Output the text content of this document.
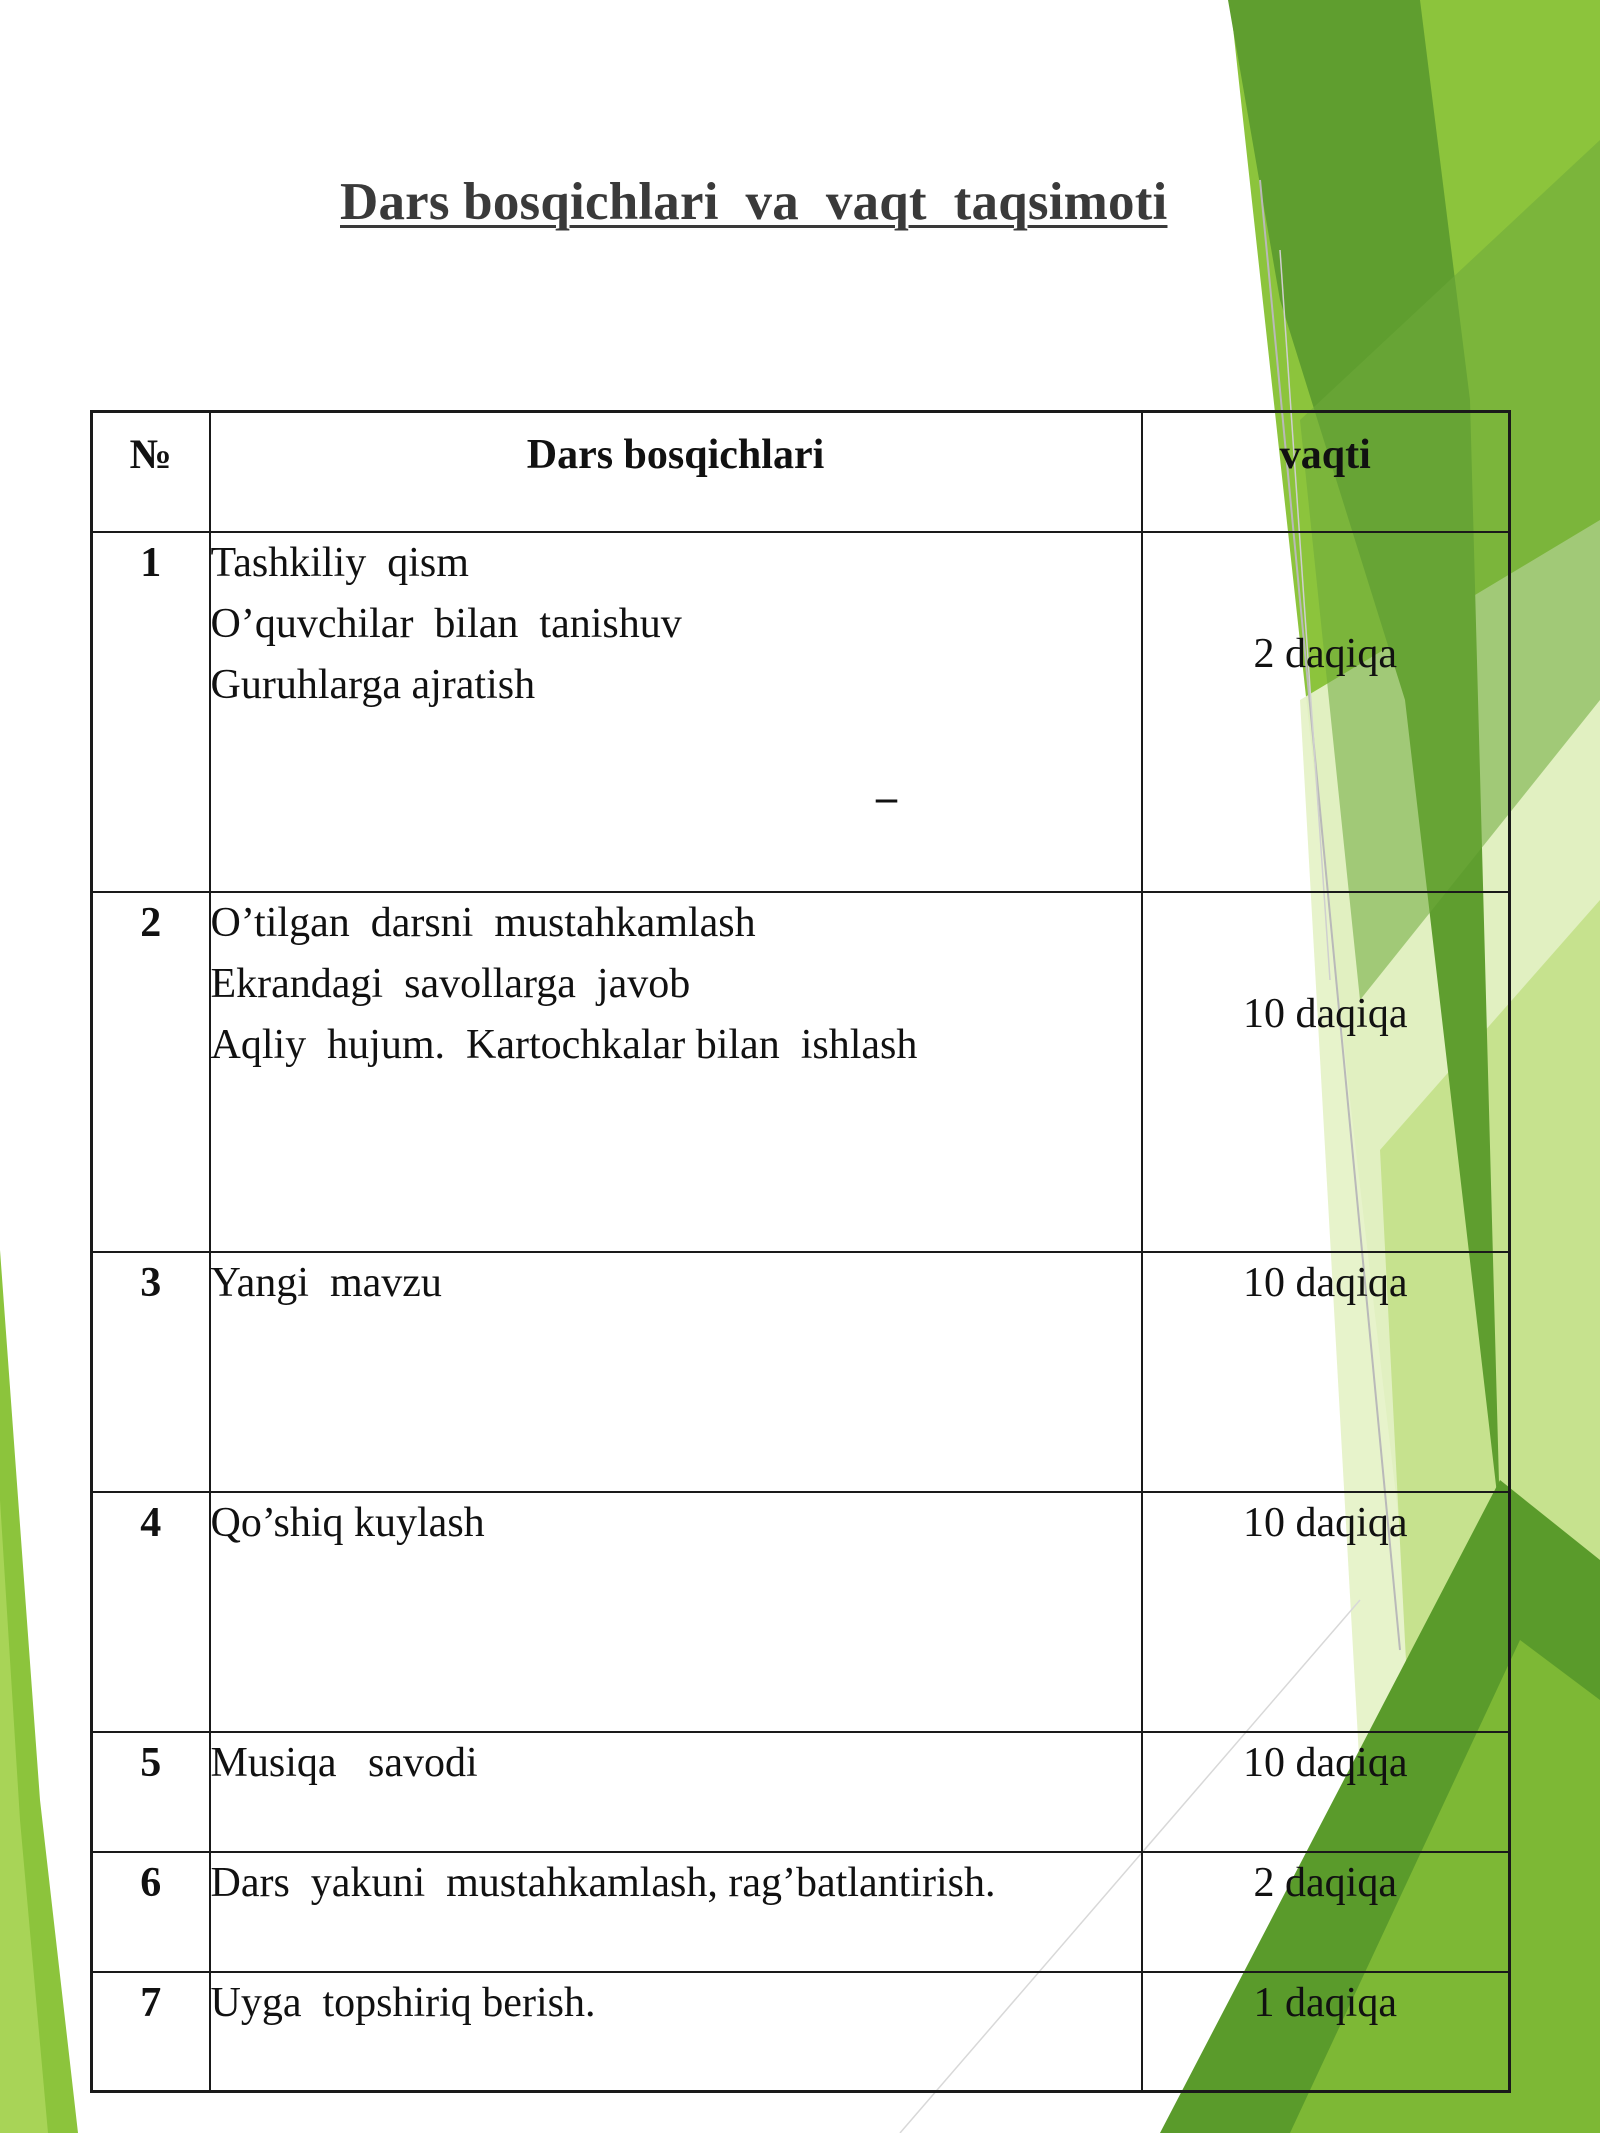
Dars bosqichlari  va  vaqt  taqsimoti
№	Dars bosqichlari	vaqti
1	Tashkiliy  qism
O’quvchilar  bilan  tanishuv
Guruhlarga ajratish	2 daqiqa
2	O’tilgan  darsni  mustahkamlash
Ekrandagi  savollarga  javob
Aqliy  hujum.  Kartochkalar bilan  ishlash	10 daqiqa
3	Yangi  mavzu	10 daqiqa
4	Qo’shiq kuylash	10 daqiqa
5	Musiqa   savodi	10 daqiqa
6	Dars  yakuni  mustahkamlash, rag’batlantirish.	2 daqiqa
7	Uyga  topshiriq berish.	1 daqiqa
–
